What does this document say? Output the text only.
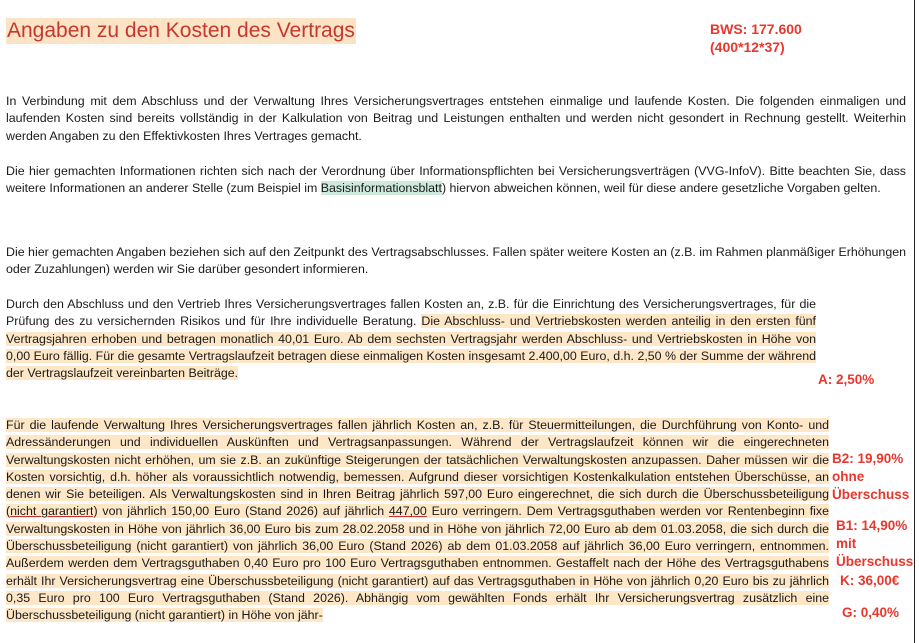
Angaben zu den Kosten des Vertrags	BWS: 177.600
(400*12*37)

In Verbindung mit dem Abschluss und der Verwaltung Ihres Versicherungsvertrages entstehen einmalige und laufende Kosten. Die folgenden einmaligen und laufenden Kosten sind bereits vollständig in der Kalkulation von Beitrag und Leistungen enthalten und werden nicht gesondert in Rechnung gestellt. Weiterhin werden Angaben zu den Effektivkosten Ihres Vertrages gemacht.

Die hier gemachten Informationen richten sich nach der Verordnung über Informationspflichten bei Versicherungsverträgen (VVG-InfoV). Bitte beachten Sie, dass weitere Informationen an anderer Stelle (zum Beispiel im Basisinformationsblatt) hiervon abweichen können, weil für diese andere gesetzliche Vorgaben gelten.

Die hier gemachten Angaben beziehen sich auf den Zeitpunkt des Vertragsabschlusses. Fallen später weitere Kosten an (z.B. im Rahmen planmäßiger Erhöhungen oder Zuzahlungen) werden wir Sie darüber gesondert informieren.

Durch den Abschluss und den Vertrieb Ihres Versicherungsvertrages fallen Kosten an, z.B. für die Einrichtung des Versicherungsvertrages, für die Prüfung des zu versichernden Risikos und für Ihre individuelle Beratung. Die Abschluss- und Vertriebskosten werden anteilig in den ersten fünf Vertragsjahren erhoben und betragen monatlich 40,01 Euro. Ab dem sechsten Vertragsjahr werden Abschluss- und Vertriebskosten in Höhe von 0,00 Euro fällig. Für die gesamte Vertragslaufzeit betragen diese einmaligen Kosten insgesamt 2.400,00 Euro, d.h. 2,50 % der Summe der während der Vertragslaufzeit vereinbarten Beiträge.

Für die laufende Verwaltung Ihres Versicherungsvertrages fallen jährlich Kosten an, z.B. für Steuermitteilungen, die Durchführung von Konto- und Adressänderungen und individuellen Auskünften und Vertragsanpassungen. Während der Vertragslaufzeit können wir die eingerechneten Verwaltungskosten nicht erhöhen, um sie z.B. an zukünftige Steigerungen der tatsächlichen Verwaltungskosten anzupassen. Daher müssen wir die Kosten vorsichtig, d.h. höher als voraussichtlich notwendig, bemessen. Aufgrund dieser vorsichtigen Kostenkalkulation entstehen Überschüsse, an denen wir Sie beteiligen. Als Verwaltungskosten sind in Ihren Beitrag jährlich 597,00 Euro eingerechnet, die sich durch die Überschussbeteiligung (nicht garantiert) von jährlich 150,00 Euro (Stand 2026) auf jährlich 447,00 Euro verringern. Dem Vertragsguthaben werden vor Rentenbeginn fixe Verwaltungskosten in Höhe von jährlich 36,00 Euro bis zum 28.02.2058 und in Höhe von jährlich 72,00 Euro ab dem 01.03.2058, die sich durch die Überschussbeteiligung (nicht garantiert) von jährlich 36,00 Euro (Stand 2026) ab dem 01.03.2058 auf jährlich 36,00 Euro verringern, entnommen. Außerdem werden dem Vertragsguthaben 0,40 Euro pro 100 Euro Vertragsguthaben entnommen. Gestaffelt nach der Höhe des Vertragsguthabens erhält Ihr Versicherungsvertrag eine Überschussbeteiligung (nicht garantiert) auf das Vertragsguthaben in Höhe von jährlich 0,20 Euro bis zu jährlich 0,35 Euro pro 100 Euro Vertragsguthaben (Stand 2026). Abhängig vom gewählten Fonds erhält Ihr Versicherungsvertrag zusätzlich eine Überschussbeteiligung (nicht garantiert) in Höhe von jähr-

A: 2,50%
B2: 19,90%
ohne
Überschuss
B1: 14,90%
mit
Überschuss
K: 36,00€
G: 0,40%
